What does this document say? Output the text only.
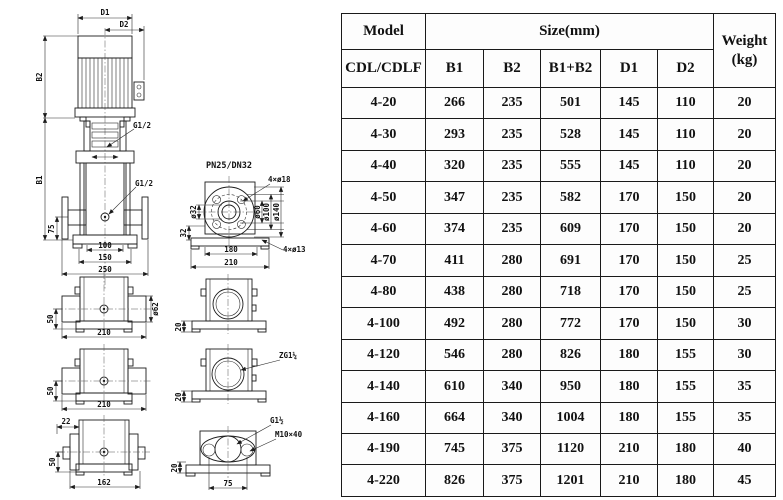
G1/2
G1/2
D1
D2
B2
B1
75
100
150
250
PN25/DN32
4×ø18
ø32	ø60 ø100 ø140
32
180
210
4×ø13
50
210
ø62
50
210
22
50
162
20
ZG1¼
20
G1½
M10×40
20
75
Model	Size(mm)					Weight
(kg)

CDL/CDLF	B1	B2	B1+B2	D1	D2	
4-20	266	235	501	145	110	20
4-30	293	235	528	145	110	20
4-40	320	235	555	145	110	20
4-50	347	235	582	170	150	20
4-60	374	235	609	170	150	20
4-70	411	280	691	170	150	25
4-80	438	280	718	170	150	25
4-100	492	280	772	170	150	30
4-120	546	280	826	180	155	30
4-140	610	340	950	180	155	35
4-160	664	340	1004	180	155	35
4-190	745	375	1120	210	180	40
4-220	826	375	1201	210	180	45
